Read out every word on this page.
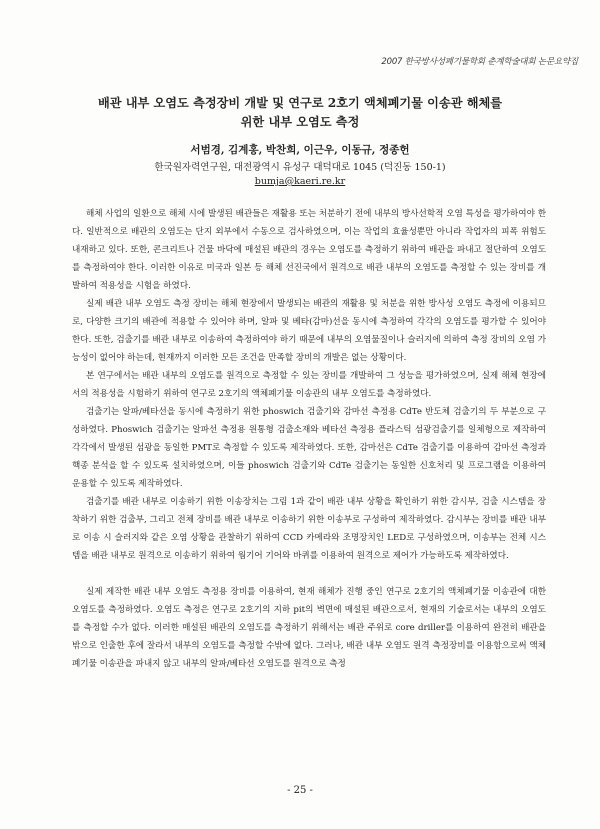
2007 한국방사성폐기물학회 춘계학술대회 논문요약집
배관 내부 오염도 측정장비 개발 및 연구로 2호기 액체폐기물 이송관 해체를
위한 내부 오염도 측정
서범경, 김계홍, 박찬희, 이근우, 이동규, 정종헌
한국원자력연구원, 대전광역시 유성구 대덕대로 1045 (덕진동 150-1)
bumja@kaeri.re.kr

해체 사업의 일환으로 해체 시에 발생된 배관들은 재활용 또는 처분하기 전에 내부의 방사선학적 오염 특성을 평가하여야 한다. 일반적으로 배관의 오염도는 단지 외부에서 수동으로 검사하였으며, 이는 작업의 효율성뿐만 아니라 작업자의 피폭 위험도 내재하고 있다. 또한, 콘크리트나 건물 바닥에 매설된 배관의 경우는 오염도를 측정하기 위하여 배관을 파내고 절단하여 오염도를 측정하여야 한다. 이러한 이유로 미국과 일본 등 해체 선진국에서 원격으로 배관 내부의 오염도를 측정할 수 있는 장비를 개발하여 적용성을 시험을 하였다.

실제 배관 내부 오염도 측정 장비는 해체 현장에서 발생되는 배관의 재활용 및 처분을 위한 방사성 오염도 측정에 이용되므로, 다양한 크기의 배관에 적용할 수 있어야 하며, 알파 및 베타(감마)선을 동시에 측정하여 각각의 오염도를 평가할 수 있어야 한다. 또한, 검출기를 배관 내부로 이송하여 측정하여야 하기 때문에 내부의 오염물질이나 슬러지에 의하여 측정 장비의 오염 가능성이 없어야 하는데, 현재까지 이러한 모든 조건을 만족할 장비의 개발은 없는 상황이다.

본 연구에서는 배관 내부의 오염도를 원격으로 측정할 수 있는 장비를 개발하여 그 성능을 평가하였으며, 실제 해체 현장에서의 적용성을 시험하기 위하여 연구로 2호기의 액체폐기물 이송관의 내부 오염도를 측정하였다.

검출기는 알파/베타선을 동시에 측정하기 위한 phoswich 검출기와 감마선 측정용 CdTe 반도체 검출기의 두 부분으로 구성하였다. Phoswich 검출기는 알파선 측정용 원통형 검출소재와 베타선 측정용 플라스틱 섬광검출기를 일체형으로 제작하여 각각에서 발생된 섬광을 동일한 PMT로 측정할 수 있도록 제작하였다. 또한, 감마선은 CdTe 검출기를 이용하여 감마선 측정과 핵종 분석을 할 수 있도록 설치하였으며, 이들 phoswich 검출기와 CdTe 검출기는 동일한 신호처리 및 프로그램을 이용하여 운용할 수 있도록 제작하였다.

검출기를 배관 내부로 이송하기 위한 이송장치는 그림 1과 같이 배관 내부 상황을 확인하기 위한 감시부, 검출 시스템을 장착하기 위한 검출부, 그리고 전체 장비를 배관 내부로 이송하기 위한 이송부로 구성하여 제작하였다. 감시부는 장비를 배관 내부로 이송 시 슬러지와 같은 오염 상황을 관찰하기 위하여 CCD 카메라와 조명장치인 LED로 구성하였으며, 이송부는 전체 시스템을 배관 내부로 원격으로 이송하기 위하여 웜기어 기어와 바퀴를 이용하여 원격으로 제어가 가능하도록 제작하였다.

실제 제작한 배관 내부 오염도 측정용 장비를 이용하여, 현재 해체가 진행 중인 연구로 2호기의 액체폐기물 이송관에 대한 오염도를 측정하였다. 오염도 측정은 연구로 2호기의 지하 pit의 벽면에 매설된 배관으로서, 현재의 기술로서는 내부의 오염도를 측정할 수가 없다. 이러한 매설된 배관의 오염도를 측정하기 위해서는 배관 주위로 core driller를 이용하여 완전히 배관을 밖으로 인출한 후에 잘라서 내부의 오염도를 측정할 수밖에 없다. 그러나, 배관 내부 오염도 원격 측정장비를 이용함으로써 액체폐기물 이송관을 파내지 않고 내부의 알파/베타선 오염도를 원격으로 측정

- 25 -
